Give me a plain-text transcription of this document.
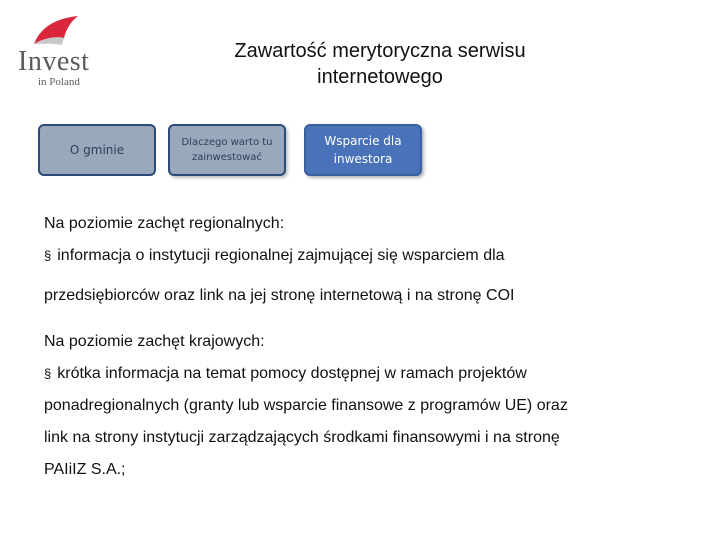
Invest
in Poland
Zawartość merytoryczna serwisu
internetowego
O gminie
Dlaczego warto tu zainwestować
Wsparcie dla inwestora

Na poziomie zachęt regionalnych:

§ informacja o instytucji regionalnej zajmującej się wsparciem dla

przedsiębiorców oraz link na jej stronę internetową i na stronę COI

Na poziomie zachęt krajowych:

§ krótka informacja na temat pomocy dostępnej w ramach projektów

ponadregionalnych (granty lub wsparcie finansowe z programów UE) oraz

link na strony instytucji zarządzających środkami finansowymi i na stronę

PAIiIZ S.A.;
